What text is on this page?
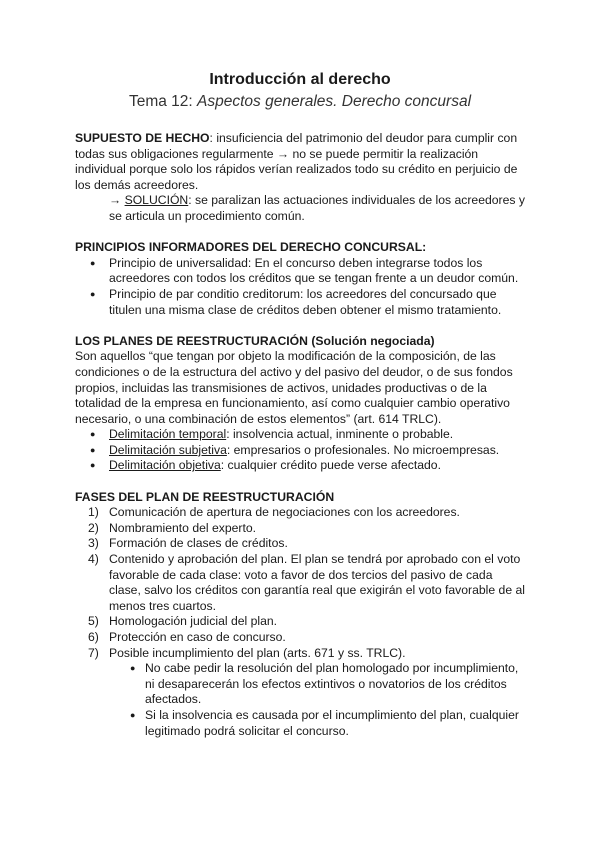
Introducción al derecho
Tema 12: Aspectos generales. Derecho concursal

SUPUESTO DE HECHO: insuficiencia del patrimonio del deudor para cumplir con todas sus obligaciones regularmente → no se puede permitir la realización individual porque solo los rápidos verían realizados todo su crédito en perjuicio de los demás acreedores.

→ SOLUCIÓN: se paralizan las actuaciones individuales de los acreedores y se articula un procedimiento común.

PRINCIPIOS INFORMADORES DEL DERECHO CONCURSAL:

● Principio de universalidad: En el concurso deben integrarse todos los acreedores con todos los créditos que se tengan frente a un deudor común.
● Principio de par conditio creditorum: los acreedores del concursado que titulen una misma clase de créditos deben obtener el mismo tratamiento.

LOS PLANES DE REESTRUCTURACIÓN (Solución negociada)

Son aquellos “que tengan por objeto la modificación de la composición, de las condiciones o de la estructura del activo y del pasivo del deudor, o de sus fondos propios, incluidas las transmisiones de activos, unidades productivas o de la totalidad de la empresa en funcionamiento, así como cualquier cambio operativo necesario, o una combinación de estos elementos” (art. 614 TRLC).

● Delimitación temporal: insolvencia actual, inminente o probable.
● Delimitación subjetiva: empresarios o profesionales. No microempresas.
● Delimitación objetiva: cualquier crédito puede verse afectado.

FASES DEL PLAN DE REESTRUCTURACIÓN

1) Comunicación de apertura de negociaciones con los acreedores.
2) Nombramiento del experto.
3) Formación de clases de créditos.
4) Contenido y aprobación del plan. El plan se tendrá por aprobado con el voto favorable de cada clase: voto a favor de dos tercios del pasivo de cada clase, salvo los créditos con garantía real que exigirán el voto favorable de al menos tres cuartos.
5) Homologación judicial del plan.
6) Protección en caso de concurso.
7) Posible incumplimiento del plan (arts. 671 y ss. TRLC).
● No cabe pedir la resolución del plan homologado por incumplimiento, ni desaparecerán los efectos extintivos o novatorios de los créditos afectados.
● Si la insolvencia es causada por el incumplimiento del plan, cualquier legitimado podrá solicitar el concurso.
